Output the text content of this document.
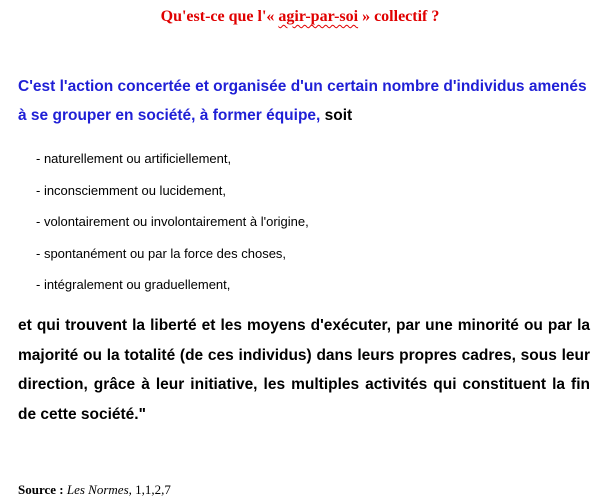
Qu'est-ce que l'« agir-par-soi » collectif ?
C'est l'action concertée et organisée d'un certain nombre d'individus amenés à se grouper en société, à former équipe, soit
- naturellement ou artificiellement,
- inconsciemment ou lucidement,
- volontairement ou involontairement à l'origine,
- spontanément ou par la force des choses,
- intégralement ou graduellement,
et qui trouvent la liberté et les moyens d'exécuter, par une minorité ou par la majorité ou la totalité (de ces individus) dans leurs propres cadres, sous leur direction, grâce à leur initiative, les multiples activités qui constituent la fin de cette société."
Source : Les Normes, 1,1,2,7
